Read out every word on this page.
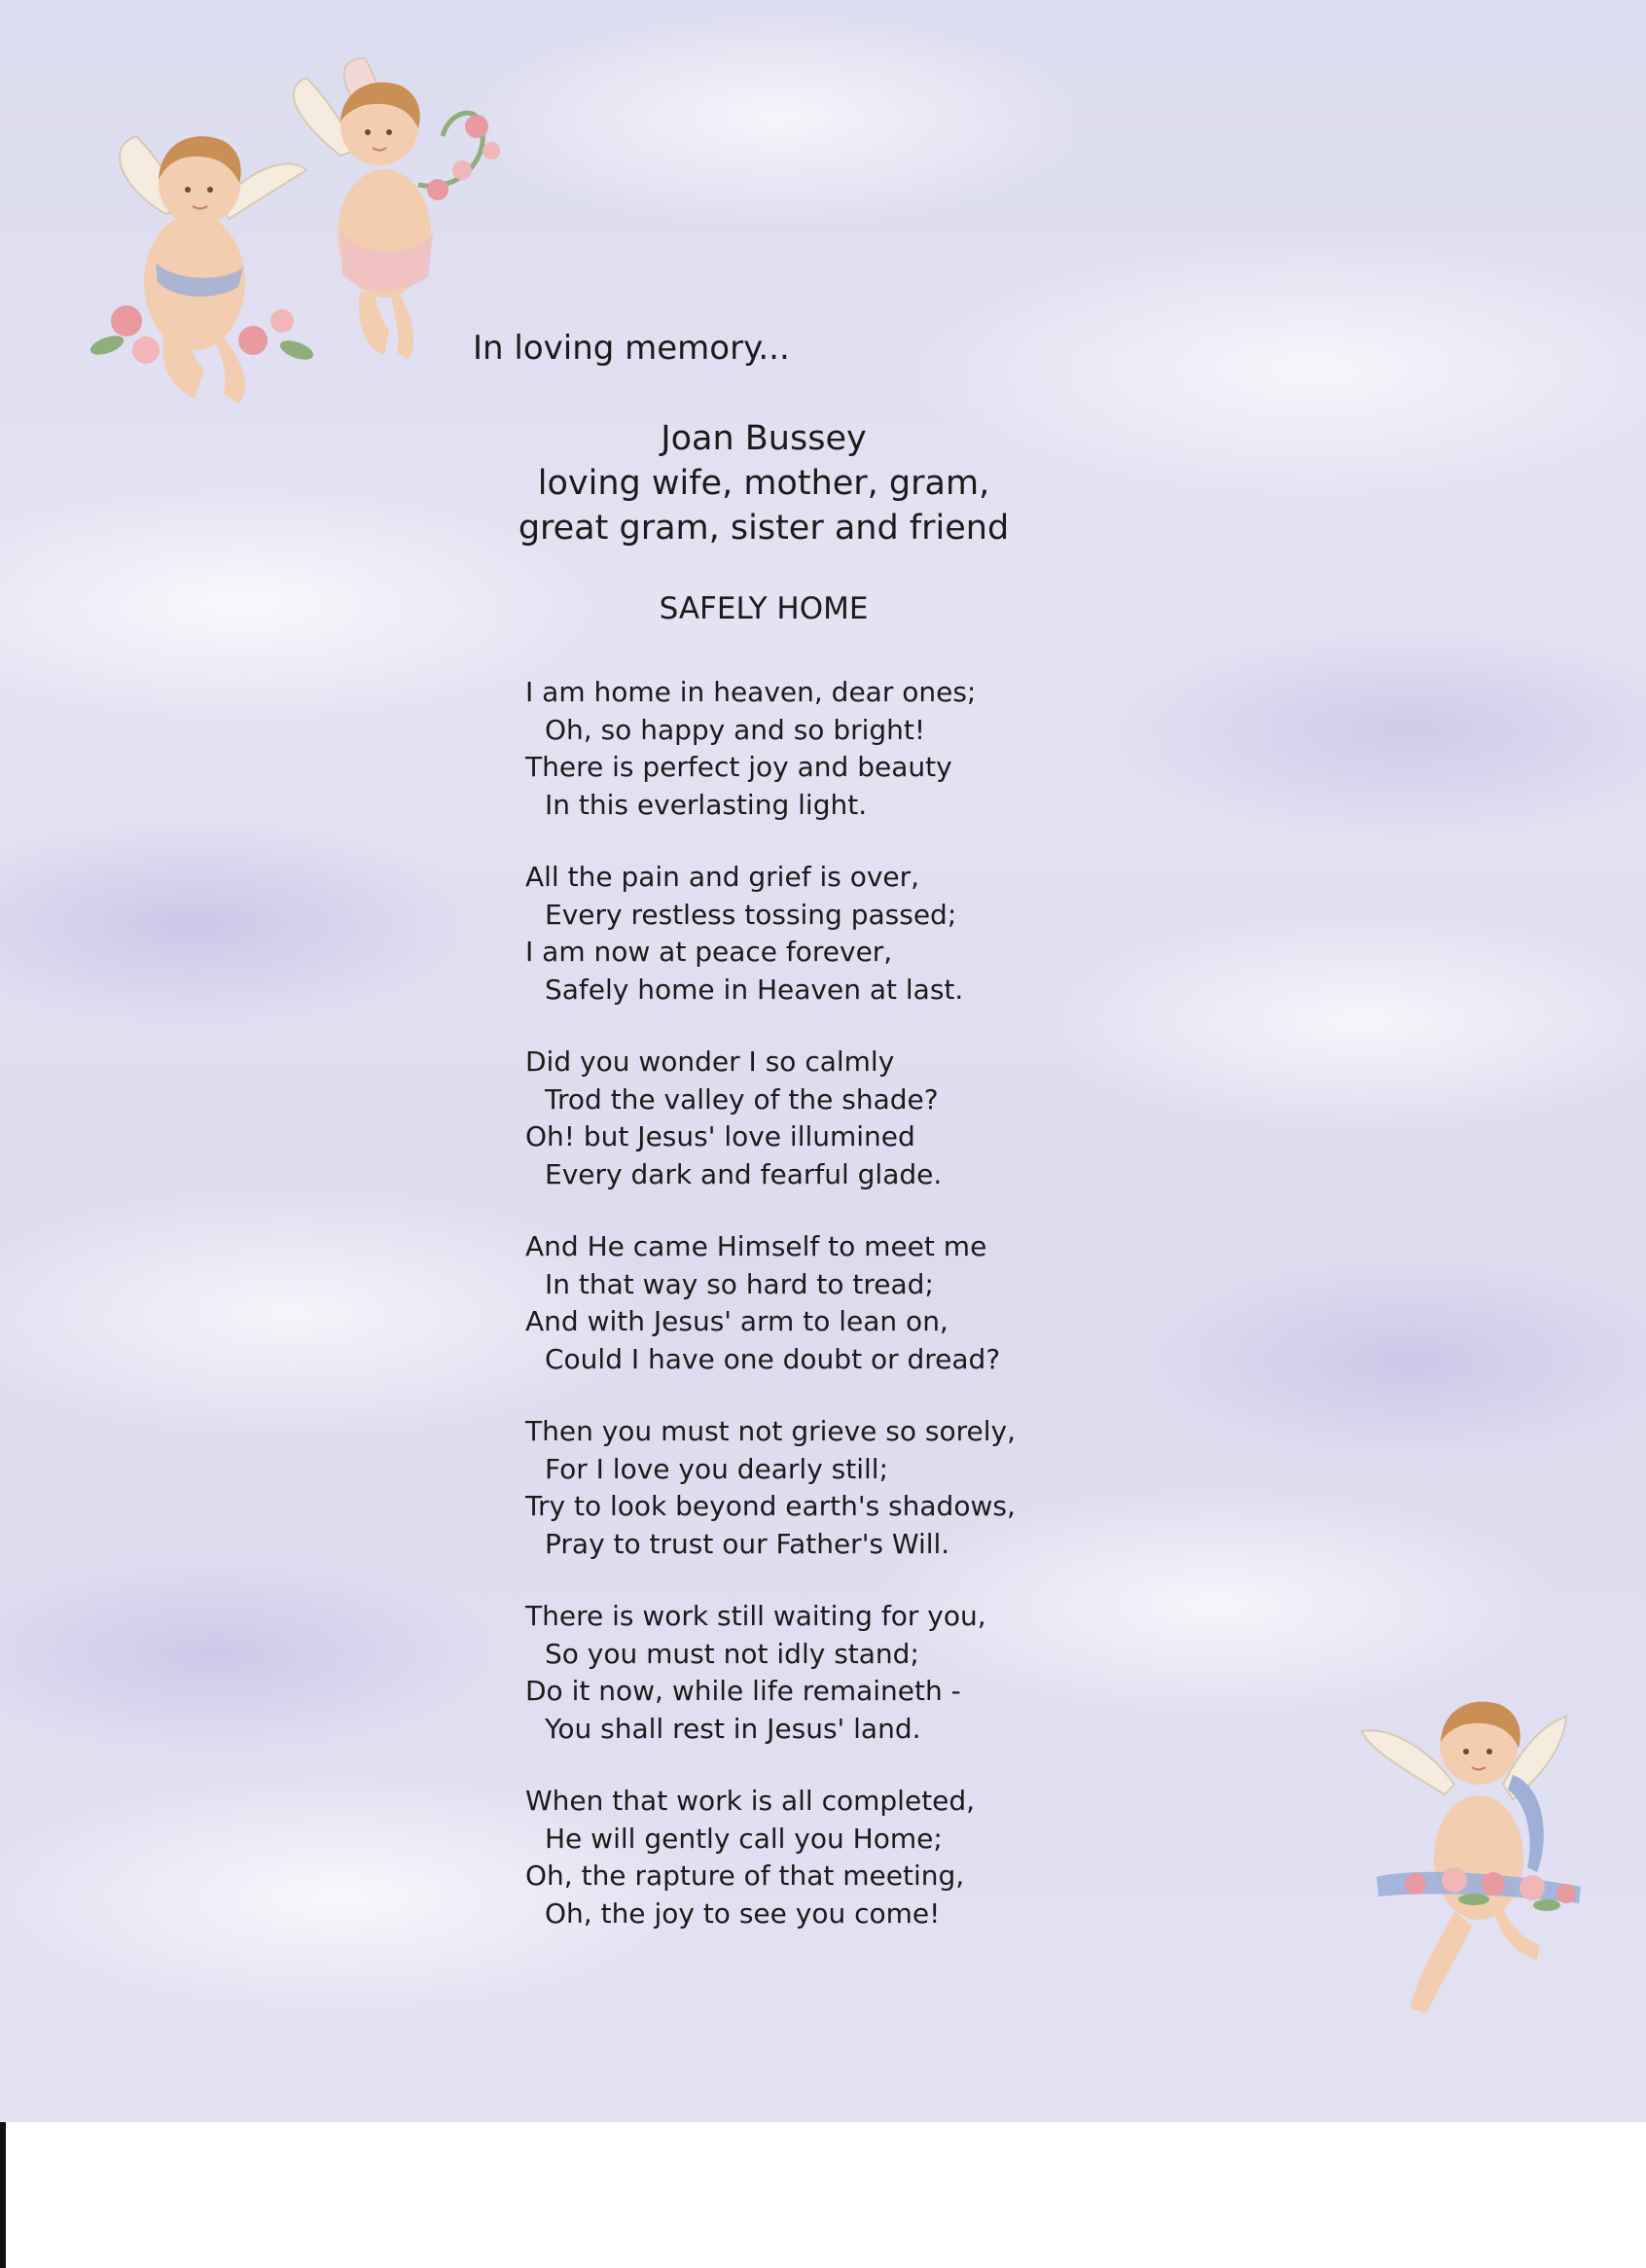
In loving memory...
Joan Bussey
loving wife, mother, gram,
great gram, sister and friend
SAFELY HOME
I am home in heaven, dear ones;
Oh, so happy and so bright!
There is perfect joy and beauty
In this everlasting light.
All the pain and grief is over,
Every restless tossing passed;
I am now at peace forever,
Safely home in Heaven at last.
Did you wonder I so calmly
Trod the valley of the shade?
Oh! but Jesus' love illumined
Every dark and fearful glade.
And He came Himself to meet me
In that way so hard to tread;
And with Jesus' arm to lean on,
Could I have one doubt or dread?
Then you must not grieve so sorely,
For I love you dearly still;
Try to look beyond earth's shadows,
Pray to trust our Father's Will.
There is work still waiting for you,
So you must not idly stand;
Do it now, while life remaineth -
You shall rest in Jesus' land.
When that work is all completed,
He will gently call you Home;
Oh, the rapture of that meeting,
Oh, the joy to see you come!
